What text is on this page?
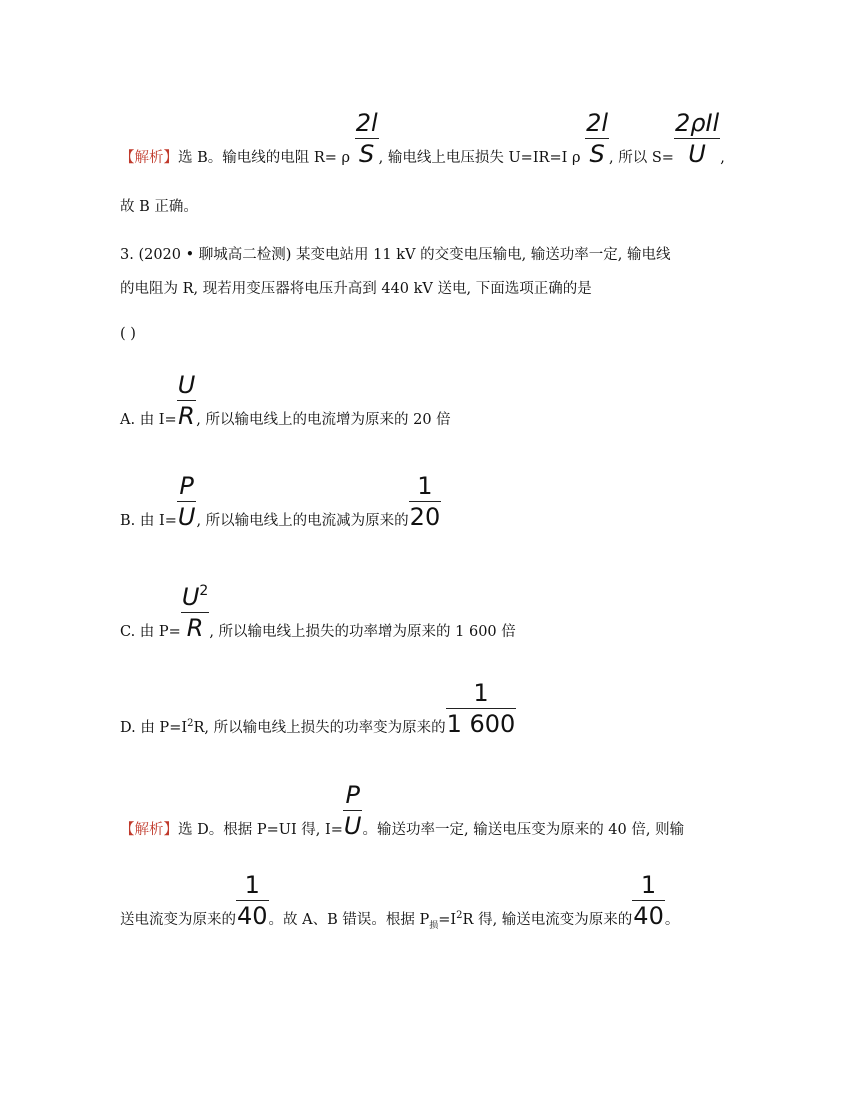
【解析】选 B。输电线的电阻 R= ρ $\frac{2l}{S}$ , 输电线上电压损失 U=IR=I ρ $\frac{2l}{S}$ , 所以 $S= \frac{\text{2ρIl}}{U}$ ,
故 B 正确。
3. (2020 • 聊城高二检测) 某变电站用 11 kV 的交变电压输电, 输送功率一定, 输电线
的电阻为 R, 现若用变压器将电压升高到 440 kV 送电, 下面选项正确的是
( )
A. 由 $I= \frac{U}{R}$ , 所以输电线上的电流增为原来的 20 倍
B. 由 $I= \frac{P}{U}$ , 所以输电线上的电流减为原来的 $\frac{1}{20}$
C. 由 $P= \frac{U^2}{R}$ , 所以输电线上损失的功率增为原来的 1 600 倍
D. 由 $P=I^2R$, 所以输电线上损失的功率变为原来的 $\frac{1}{1 600}$
【解析】选 D。根据 P=UI 得, $I= \frac{P}{U}$ 。输送功率一定, 输送电压变为原来的 40 倍, 则输
送电流变为原来的 $\frac{1}{40}$ 。故 A、B 错误。根据 $P_损=I^2R$ 得, 输送电流变为原来的 $\frac{1}{40}$ 。
